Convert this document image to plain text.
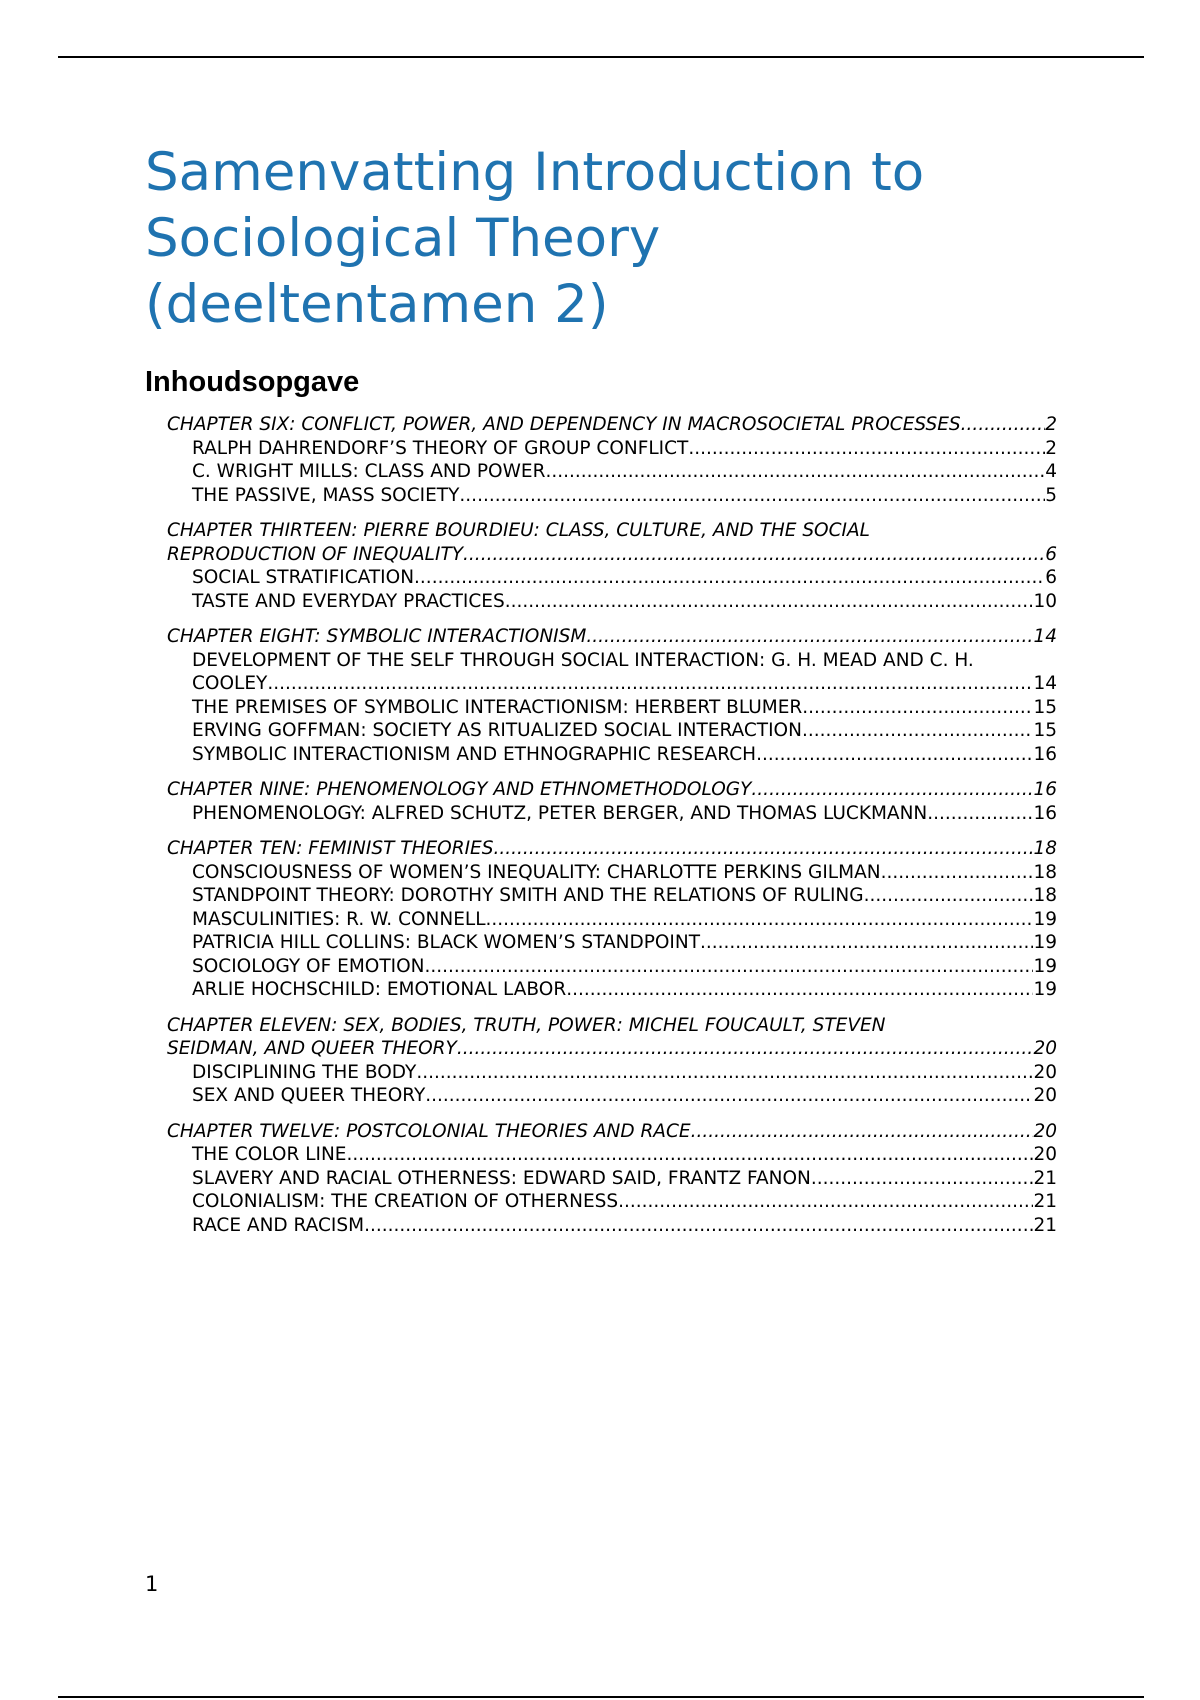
Samenvatting Introduction to
Sociological Theory
(deeltentamen 2)
Inhoudsopgave
CHAPTER SIX: CONFLICT, POWER, AND DEPENDENCY IN MACROSOCIETAL PROCESSES .....	2
RALPH DAHRENDORF’S THEORY OF GROUP CONFLICT .....	2
C. WRIGHT MILLS: CLASS AND POWER .....	4
THE PASSIVE, MASS SOCIETY .....	5
CHAPTER THIRTEEN: PIERRE BOURDIEU: CLASS, CULTURE, AND THE SOCIAL
REPRODUCTION OF INEQUALITY .....	6
SOCIAL STRATIFICATION .....	6
TASTE AND EVERYDAY PRACTICES .....	10
CHAPTER EIGHT: SYMBOLIC INTERACTIONISM .....	14
DEVELOPMENT OF THE SELF THROUGH SOCIAL INTERACTION: G. H. MEAD AND C. H.
COOLEY .....	14
THE PREMISES OF SYMBOLIC INTERACTIONISM: HERBERT BLUMER .....	15
ERVING GOFFMAN: SOCIETY AS RITUALIZED SOCIAL INTERACTION .....	15
SYMBOLIC INTERACTIONISM AND ETHNOGRAPHIC RESEARCH .....	16
CHAPTER NINE: PHENOMENOLOGY AND ETHNOMETHODOLOGY .....	16
PHENOMENOLOGY: ALFRED SCHUTZ, PETER BERGER, AND THOMAS LUCKMANN .....	16
CHAPTER TEN: FEMINIST THEORIES .....	18
CONSCIOUSNESS OF WOMEN’S INEQUALITY: CHARLOTTE PERKINS GILMAN .....	18
STANDPOINT THEORY: DOROTHY SMITH AND THE RELATIONS OF RULING .....	18
MASCULINITIES: R. W. CONNELL .....	19
PATRICIA HILL COLLINS: BLACK WOMEN’S STANDPOINT .....	19
SOCIOLOGY OF EMOTION .....	19
ARLIE HOCHSCHILD: EMOTIONAL LABOR .....	19
CHAPTER ELEVEN: SEX, BODIES, TRUTH, POWER: MICHEL FOUCAULT, STEVEN
SEIDMAN, AND QUEER THEORY .....	20
DISCIPLINING THE BODY .....	20
SEX AND QUEER THEORY .....	20
CHAPTER TWELVE: POSTCOLONIAL THEORIES AND RACE .....	20
THE COLOR LINE .....	20
SLAVERY AND RACIAL OTHERNESS: EDWARD SAID, FRANTZ FANON .....	21
COLONIALISM: THE CREATION OF OTHERNESS .....	21
RACE AND RACISM .....	21
1
